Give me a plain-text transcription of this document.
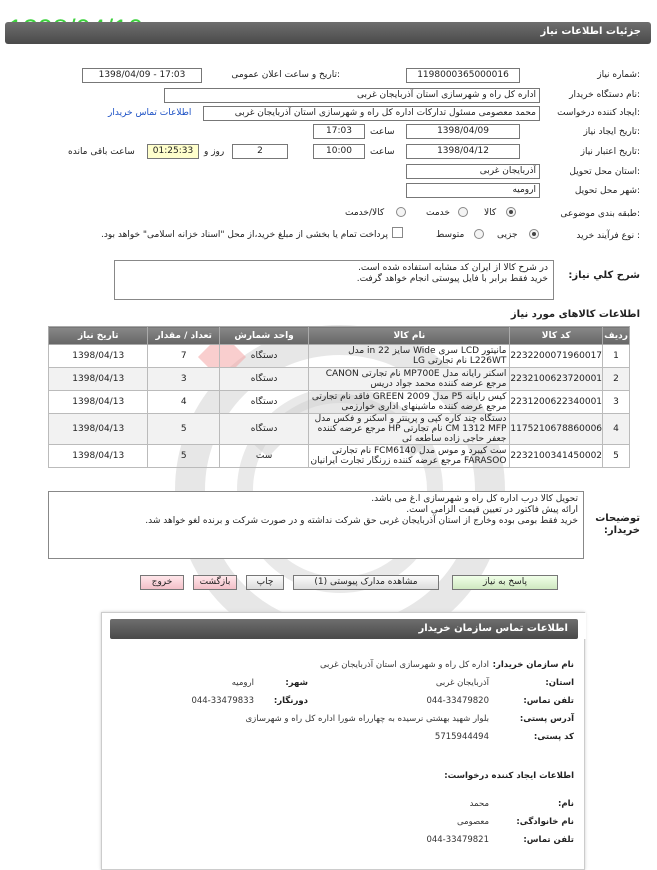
جزئیات اطلاعات نیاز
شماره نیاز:
1198000365000016
تاریخ و ساعت اعلان عمومی:
1398/04/09 - 17:03
نام دستگاه خریدار:
اداره کل راه و شهرسازی استان آذربایجان غربی
ایجاد کننده درخواست:
محمد معصومی مسئول تدارکات اداره کل راه و شهرسازی استان آذربایجان غربی
اطلاعات تماس خریدار
تاریخ ایجاد نیاز:
1398/04/09
ساعت
17:03
تاریخ اعتبار نیاز:
1398/04/12
ساعت
10:00
2
روز و
01:25:33
ساعت باقی مانده
استان محل تحویل:
آذربایجان غربی
شهر محل تحویل:
ارومیه
طبقه بندی موضوعی:
کالا
خدمت
کالا/خدمت
نوع فرآیند خرید :
جزیی
متوسط
پرداخت تمام یا بخشی از مبلغ خرید،از محل "اسناد خزانه اسلامی" خواهد بود.
شرح کلي نیاز:
در شرح کالا از ایران کد مشابه استفاده شده است.
خرید فقط برابر با فایل پیوستی انجام خواهد گرفت.
اطلاعات کالاهای مورد نیاز
ردیف	کد کالا	نام کالا	واحد شمارش	تعداد / مقدار	تاریخ نیاز
1	2232200071960017	مانیتور LCD سری Wide سایز 22 in مدل L226WT نام تجارتی LG	دستگاه	7	1398/04/13
2	2232100623720001	اسکنر رایانه مدل MP700E نام تجارتی CANON مرجع عرضه کننده محمد جواد دریس	دستگاه	3	1398/04/13
3	2231200622340001	کیس رایانه P5 مدل GREEN 2009 فاقد نام تجارتی مرجع عرضه کننده ماشینهای اداری خوارزمی	دستگاه	4	1398/04/13
4	1175210678860006	دستگاه چند کاره کپی و پرینتر و اسکنر و فکس مدل CM 1312 MFP نام تجارتی HP مرجع عرضه کننده جعفر حاجی زاده ساطعه ئی	دستگاه	5	1398/04/13
5	2232100341450002	ست کیبرد و موس مدل FCM6140 نام تجارتی FARASOO مرجع عرضه کننده زرنگار تجارت ایرانیان	ست	5	1398/04/13
توضیحات خریدار:
تحویل کالا درب اداره کل راه و شهرسازی ا.غ می باشد.
ارائه پیش فاکتور در تعیین قیمت الزامی است.
خرید فقط بومی بوده وخارج از استان آذربایجان غربی حق شرکت نداشته و در صورت شرکت و برنده لغو خواهد شد.
پاسخ به نیاز
مشاهده مدارک پیوستی (1)
چاپ
بازگشت
خروج
اطلاعات تماس سازمان خریدار
نام سازمان خریدار:
اداره کل راه و شهرسازی استان آذربایجان غربی
استان:
آذربایجان غربی
شهر:
ارومیه
تلفن تماس:
044-33479820
دورنگار:
044-33479833
آدرس پستی:
بلوار شهید بهشتی نرسیده به چهارراه شورا اداره کل راه و شهرسازی
کد پستی:
5715944494
اطلاعات ایجاد کننده درخواست:
نام:
محمد
نام خانوادگی:
معصومی
تلفن تماس:
044-33479821
